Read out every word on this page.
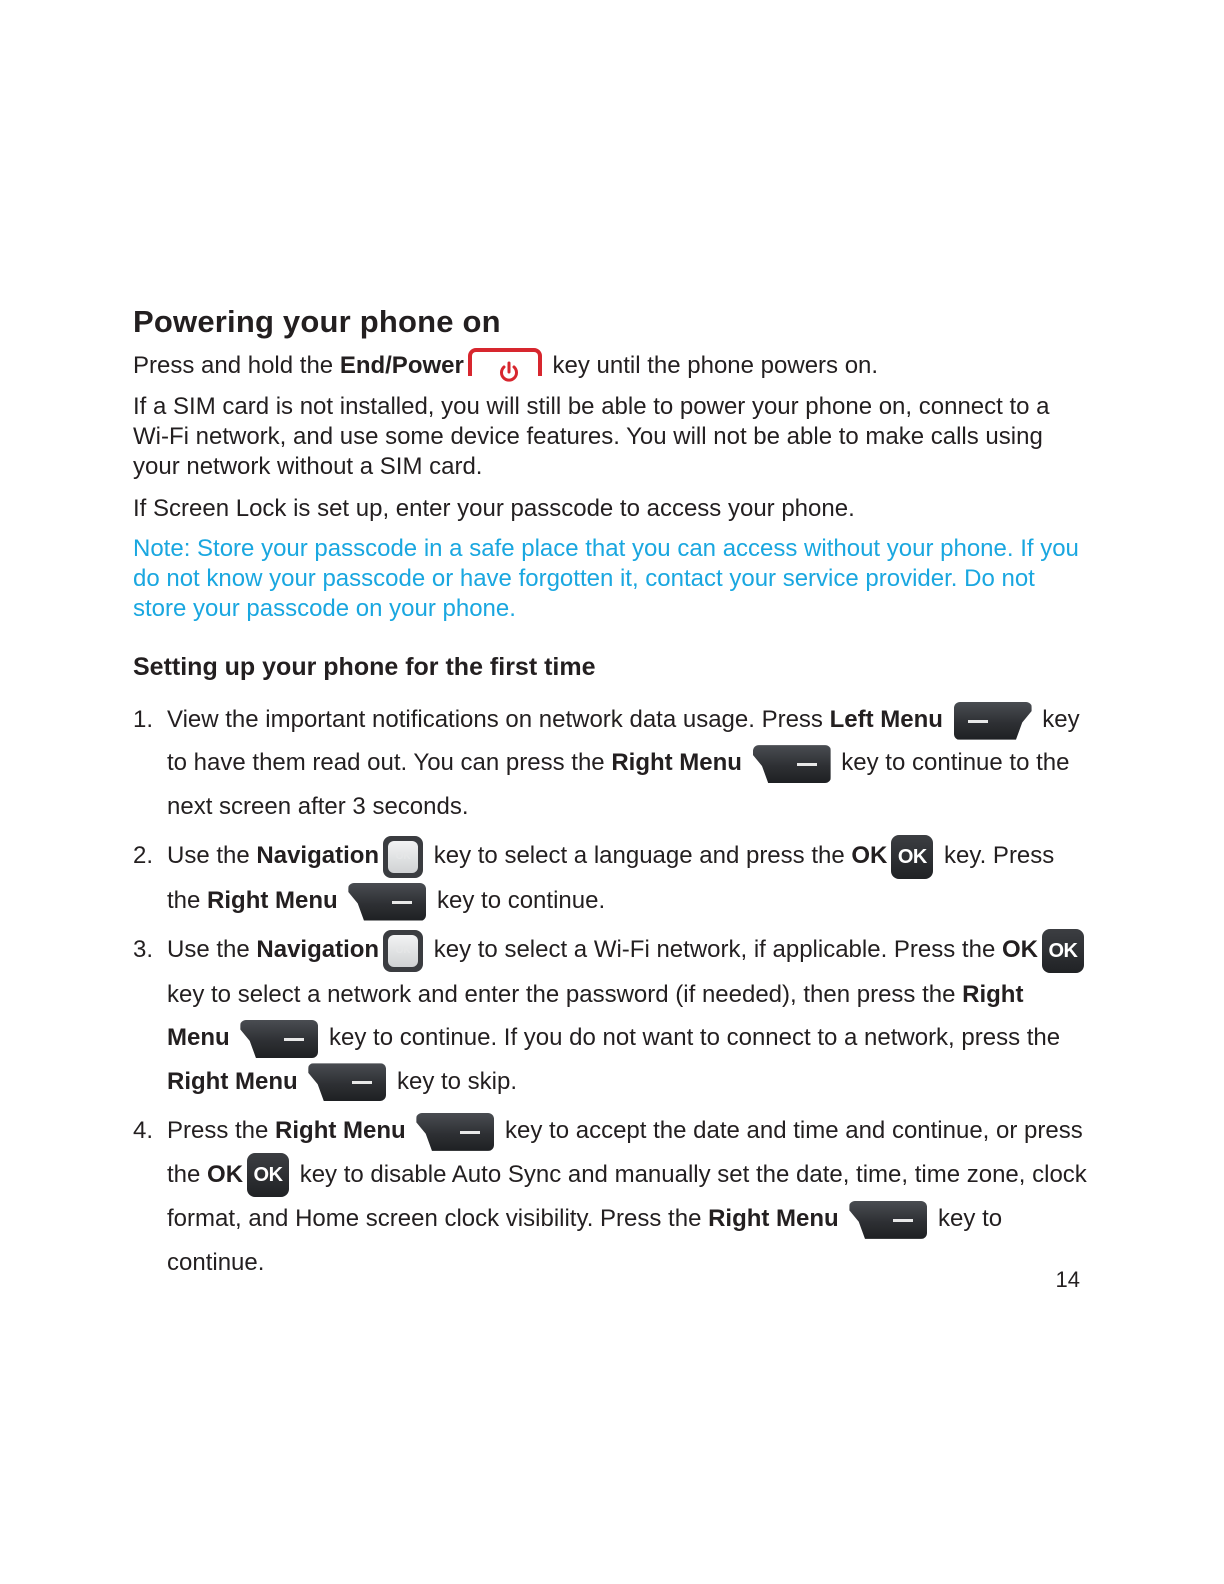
Powering your phone on

Press and hold the End/Power	key until the phone powers on.

If a SIM card is not installed, you will still be able to power your phone on, connect to a Wi-Fi network, and use some device features. You will not be able to make calls using your network without a SIM card.

If Screen Lock is set up, enter your passcode to access your phone.

Note: Store your passcode in a safe place that you can access without your phone. If you do not know your passcode or have forgotten it, contact your service provider. Do not store your passcode on your phone.

Setting up your phone for the first time
1. View the important notifications on network data usage. Press Left Menu	key to have them read out. You can press the Right Menu	key to continue to the next screen after 3 seconds.
2. Use the Navigation	OK key to select a language and press the OK OK key. Press the Right Menu	key to continue.
3. Use the Navigation	OK key to select a Wi-Fi network, if applicable. Press the OK OK key to select a network and enter the password (if needed), then press the Right Menu	key to continue. If you do not want to connect to a network, press the Right Menu	key to skip.
4. Press the Right Menu	key to accept the date and time and continue, or press the OK OK key to disable Auto Sync and manually set the date, time, time zone, clock format, and Home screen clock visibility. Press the Right Menu	key to continue.
14
